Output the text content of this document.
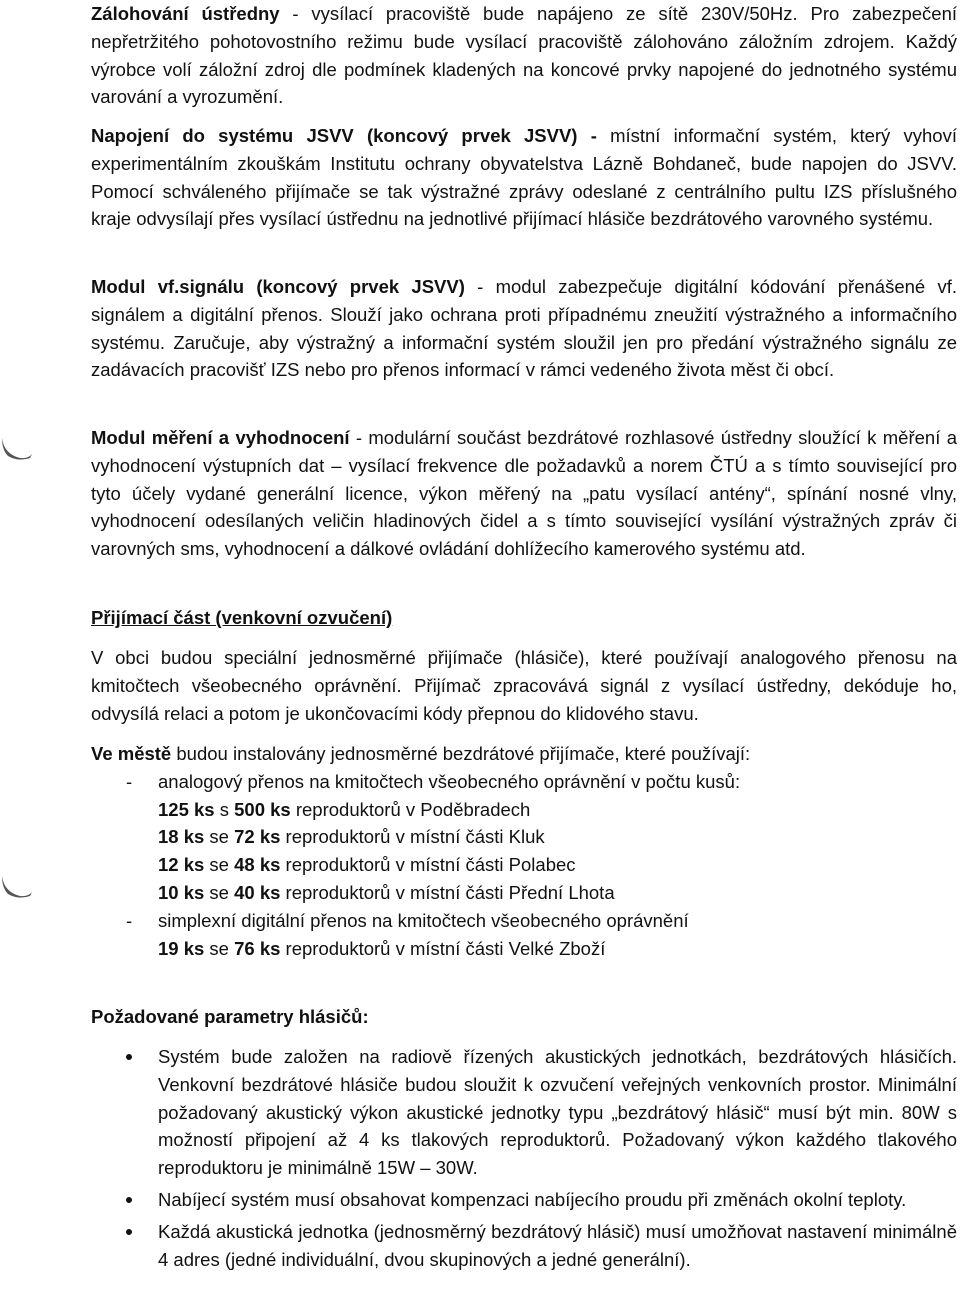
Zálohování ústředny - vysílací pracoviště bude napájeno ze sítě 230V/50Hz. Pro zabezpečení nepřetržitého pohotovostního režimu bude vysílací pracoviště zálohováno záložním zdrojem. Každý výrobce volí záložní zdroj dle podmínek kladených na koncové prvky napojené do jednotného systému varování a vyrozumění.

Napojení do systému JSVV (koncový prvek JSVV) - místní informační systém, který vyhoví experimentálním zkouškám Institutu ochrany obyvatelstva Lázně Bohdaneč, bude napojen do JSVV. Pomocí schváleného přijímače se tak výstražné zprávy odeslané z centrálního pultu IZS příslušného kraje odvysílají přes vysílací ústřednu na jednotlivé přijímací hlásiče bezdrátového varovného systému.

Modul vf.signálu (koncový prvek JSVV) - modul zabezpečuje digitální kódování přenášené vf. signálem a digitální přenos. Slouží jako ochrana proti případnému zneužití výstražného a informačního systému. Zaručuje, aby výstražný a informační systém sloužil jen pro předání výstražného signálu ze zadávacích pracovišť IZS nebo pro přenos informací v rámci vedeného života měst či obcí.

Modul měření a vyhodnocení - modulární součást bezdrátové rozhlasové ústředny sloužící k měření a vyhodnocení výstupních dat – vysílací frekvence dle požadavků a norem ČTÚ a s tímto související pro tyto účely vydané generální licence, výkon měřený na „patu vysílací antény“, spínání nosné vlny, vyhodnocení odesílaných veličin hladinových čidel a s tímto související vysílání výstražných zpráv či varovných sms, vyhodnocení a dálkové ovládání dohlížecího kamerového systému atd.

Přijímací část (venkovní ozvučení)

V obci budou speciální jednosměrné přijímače (hlásiče), které používají analogového přenosu na kmitočtech všeobecného oprávnění. Přijímač zpracovává signál z vysílací ústředny, dekóduje ho, odvysílá relaci a potom je ukončovacími kódy přepnou do klidového stavu.

Ve městě budou instalovány jednosměrné bezdrátové přijímače, které používají:

- analogový přenos na kmitočtech všeobecného oprávnění v počtu kusů:
125 ks s 500 ks reproduktorů v Poděbradech
18 ks se 72 ks reproduktorů v místní části Kluk
12 ks se 48 ks reproduktorů v místní části Polabec
10 ks se 40 ks reproduktorů v místní části Přední Lhota
- simplexní digitální přenos na kmitočtech všeobecného oprávnění
19 ks se 76 ks reproduktorů v místní části Velké Zboží

Požadované parametry hlásičů:

Systém bude založen na radiově řízených akustických jednotkách, bezdrátových hlásičích. Venkovní bezdrátové hlásiče budou sloužit k ozvučení veřejných venkovních prostor. Minimální požadovaný akustický výkon akustické jednotky typu „bezdrátový hlásič“ musí být min. 80W s možností připojení až 4 ks tlakových reproduktorů. Požadovaný výkon každého tlakového reproduktoru je minimálně 15W – 30W.
Nabíjecí systém musí obsahovat kompenzaci nabíjecího proudu při změnách okolní teploty.
Každá akustická jednotka (jednosměrný bezdrátový hlásič) musí umožňovat nastavení minimálně 4 adres (jedné individuální, dvou skupinových a jedné generální).
